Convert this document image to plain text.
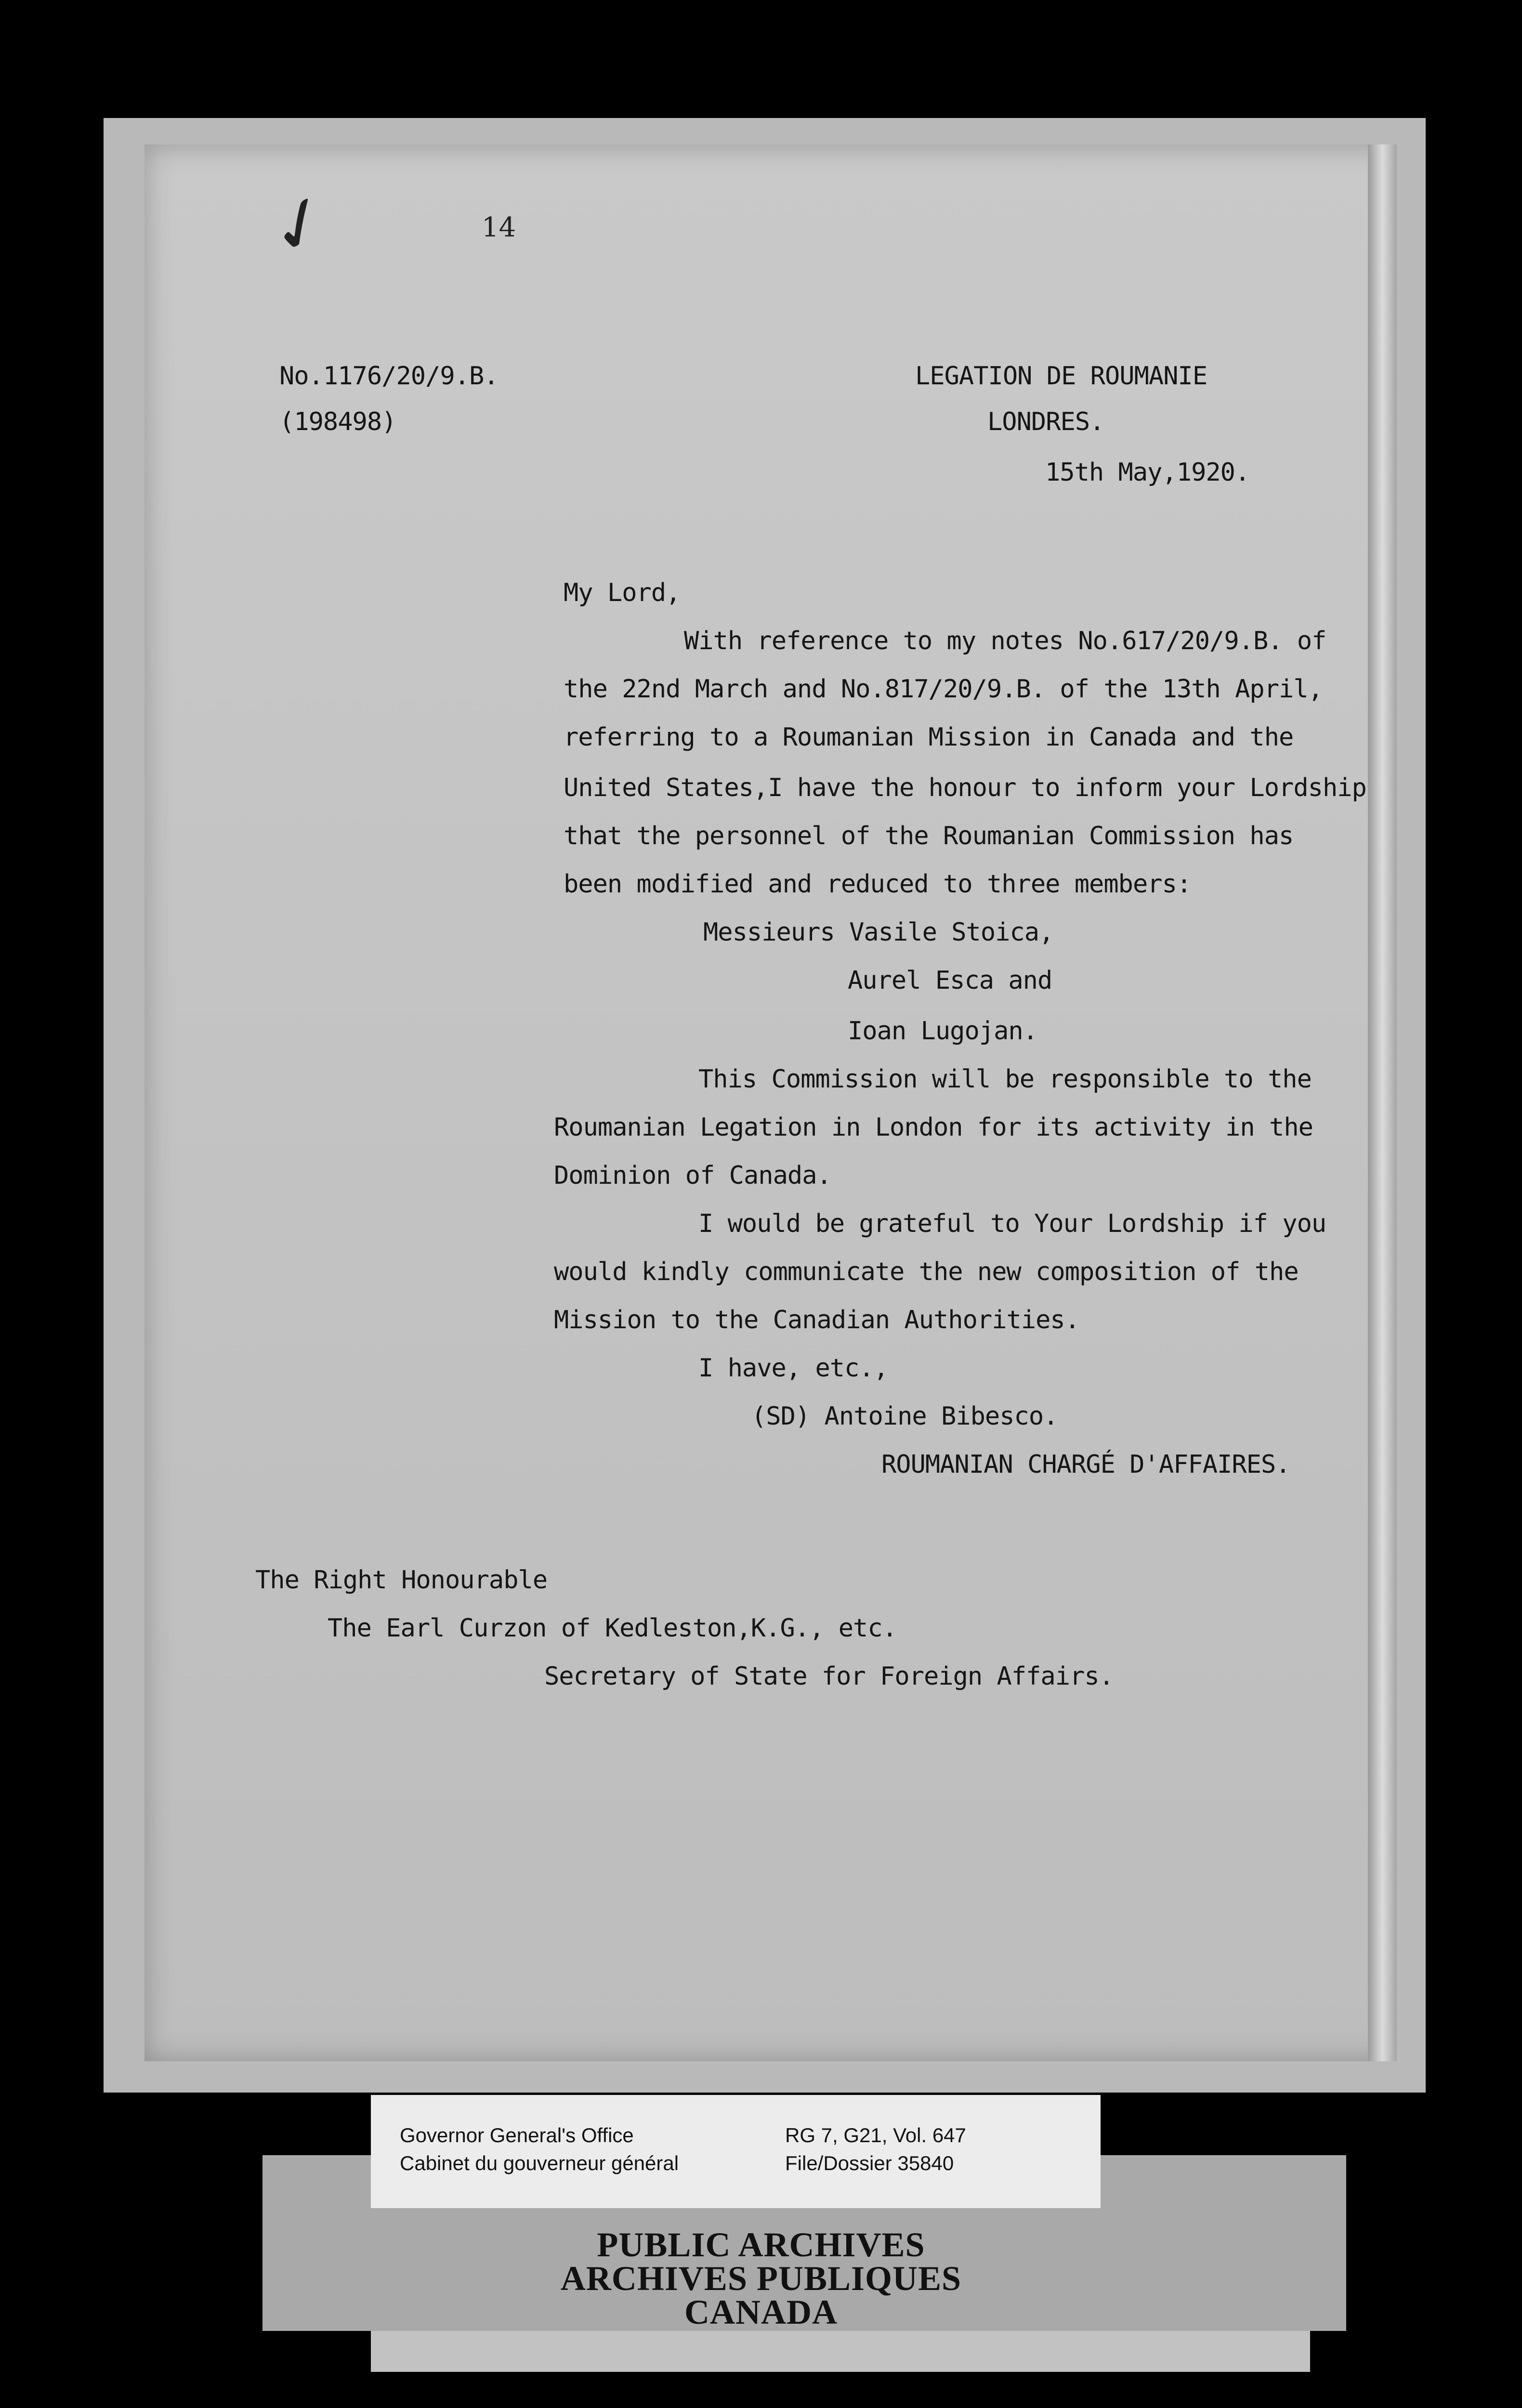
✓	14
No.1176/20/9.B.
(198498)
LEGATION DE ROUMANIE
LONDRES.
15th May,1920.
My Lord,
With reference to my notes No.617/20/9.B. of
the 22nd March and No.817/20/9.B. of the 13th April,
referring to a Roumanian Mission in Canada and the
United States,I have the honour to inform your Lordship
that the personnel of the Roumanian Commission has
been modified and reduced to three members:
Messieurs Vasile Stoica,
Aurel Esca and
Ioan Lugojan.
This Commission will be responsible to the
Roumanian Legation in London for its activity in the
Dominion of Canada.
I would be grateful to Your Lordship if you
would kindly communicate the new composition of the
Mission to the Canadian Authorities.
I have, etc.,
(SD) Antoine Bibesco.
ROUMANIAN CHARGÉ D'AFFAIRES.
The Right Honourable
The Earl Curzon of Kedleston,K.G., etc.
Secretary of State for Foreign Affairs.
Governor General's Office
Cabinet du gouverneur général
RG 7, G21, Vol. 647
File/Dossier 35840
PUBLIC ARCHIVES
ARCHIVES PUBLIQUES
CANADA
